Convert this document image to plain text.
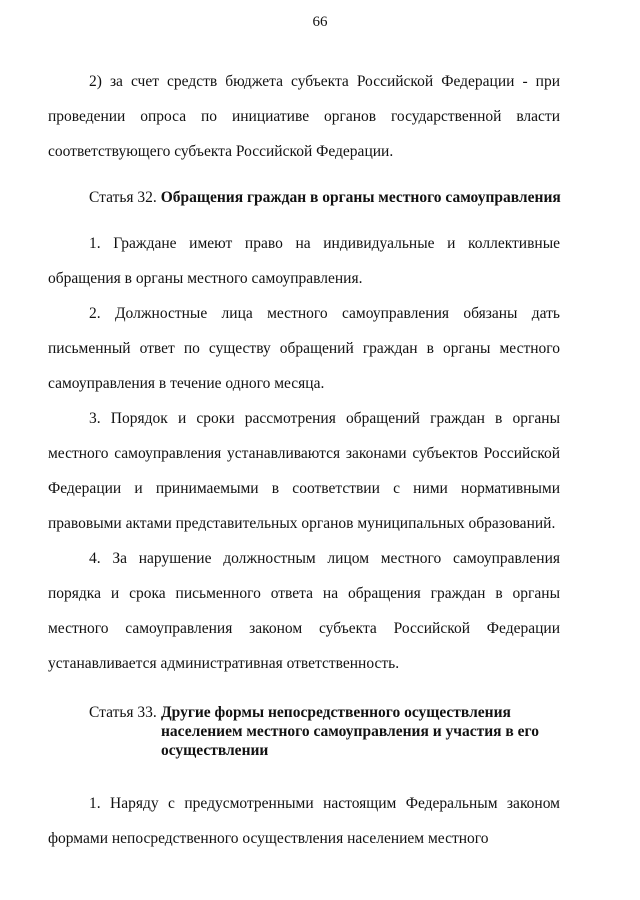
66

2) за счет средств бюджета субъекта Российской Федерации - при проведении опроса по инициативе органов государственной власти соответствующего субъекта Российской Федерации.

Статья 32. Обращения граждан в органы местного самоуправления

1. Граждане имеют право на индивидуальные и коллективные обращения в органы местного самоуправления.

2. Должностные лица местного самоуправления обязаны дать письменный ответ по существу обращений граждан в органы местного самоуправления в течение одного месяца.

3. Порядок и сроки рассмотрения обращений граждан в органы местного самоуправления устанавливаются законами субъектов Российской Федерации и принимаемыми в соответствии с ними нормативными правовыми актами представительных органов муниципальных образований.

4. За нарушение должностным лицом местного самоуправления порядка и срока письменного ответа на обращения граждан в органы местного самоуправления законом субъекта Российской Федерации устанавливается административная ответственность.

Статья 33. Другие формы непосредственного осуществления населением местного самоуправления и участия в его осуществлении

1. Наряду с предусмотренными настоящим Федеральным законом формами непосредственного осуществления населением местного
